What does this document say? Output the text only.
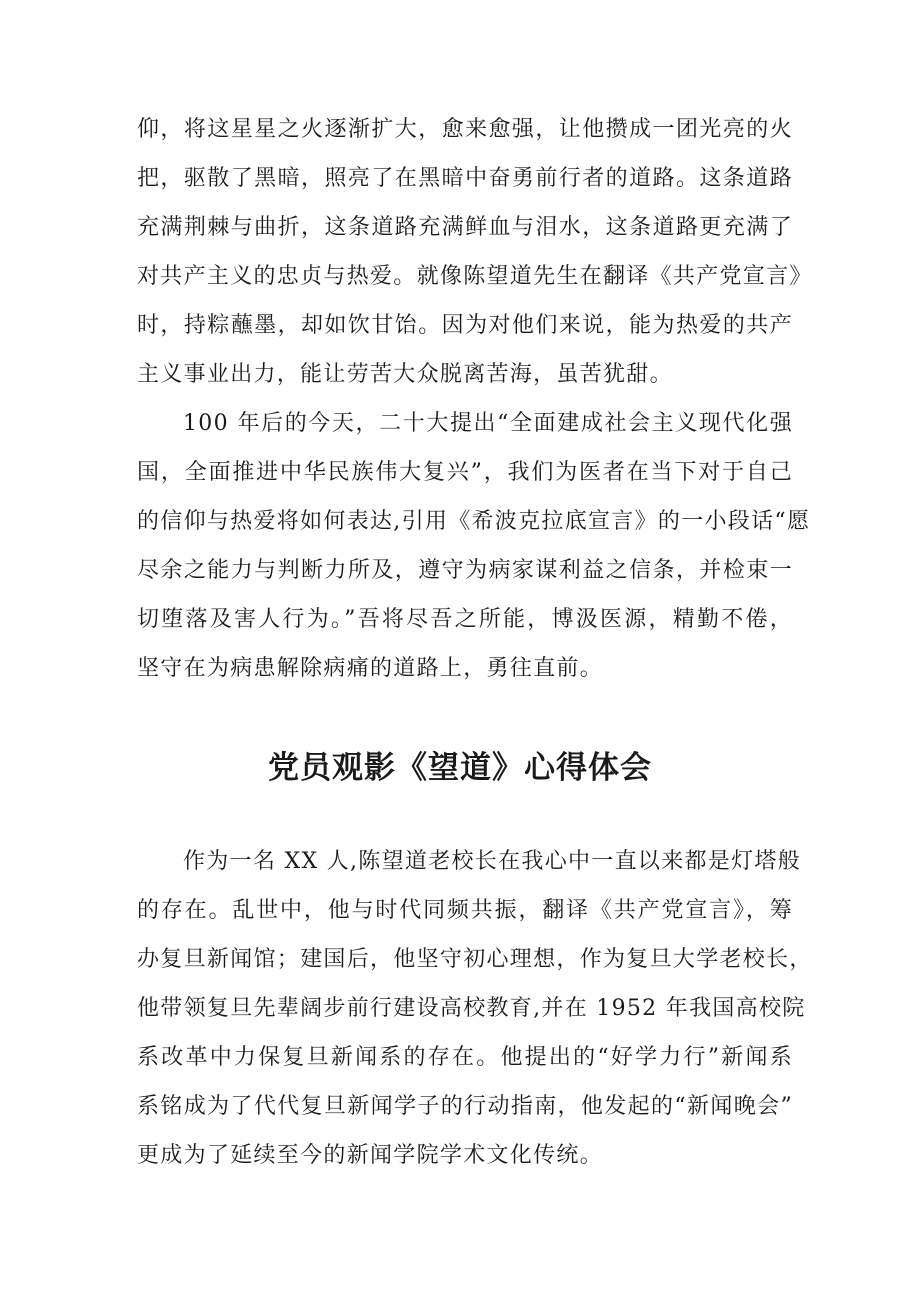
仰，将这星星之火逐渐扩大，愈来愈强，让他攒成一团光亮的火
把，驱散了黑暗，照亮了在黑暗中奋勇前行者的道路。这条道路
充满荆棘与曲折，这条道路充满鲜血与泪水，这条道路更充满了
对共产主义的忠贞与热爱。就像陈望道先生在翻译《共产党宣言》
时，持粽蘸墨，却如饮甘饴。因为对他们来说，能为热爱的共产
主义事业出力，能让劳苦大众脱离苦海，虽苦犹甜。
100 年后的今天，二十大提出“全面建成社会主义现代化强
国，全面推进中华民族伟大复兴”，我们为医者在当下对于自己
的信仰与热爱将如何表达,引用《希波克拉底宣言》的一小段话“愿
尽余之能力与判断力所及，遵守为病家谋利益之信条，并检束一
切堕落及害人行为。”吾将尽吾之所能，博汲医源，精勤不倦，
坚守在为病患解除病痛的道路上，勇往直前。
党员观影《望道》心得体会
作为一名 XX 人,陈望道老校长在我心中一直以来都是灯塔般
的存在。乱世中，他与时代同频共振，翻译《共产党宣言》，筹
办复旦新闻馆；建国后，他坚守初心理想，作为复旦大学老校长，
他带领复旦先辈阔步前行建设高校教育,并在 1952 年我国高校院
系改革中力保复旦新闻系的存在。他提出的“好学力行”新闻系
系铭成为了代代复旦新闻学子的行动指南，他发起的“新闻晚会”
更成为了延续至今的新闻学院学术文化传统。
